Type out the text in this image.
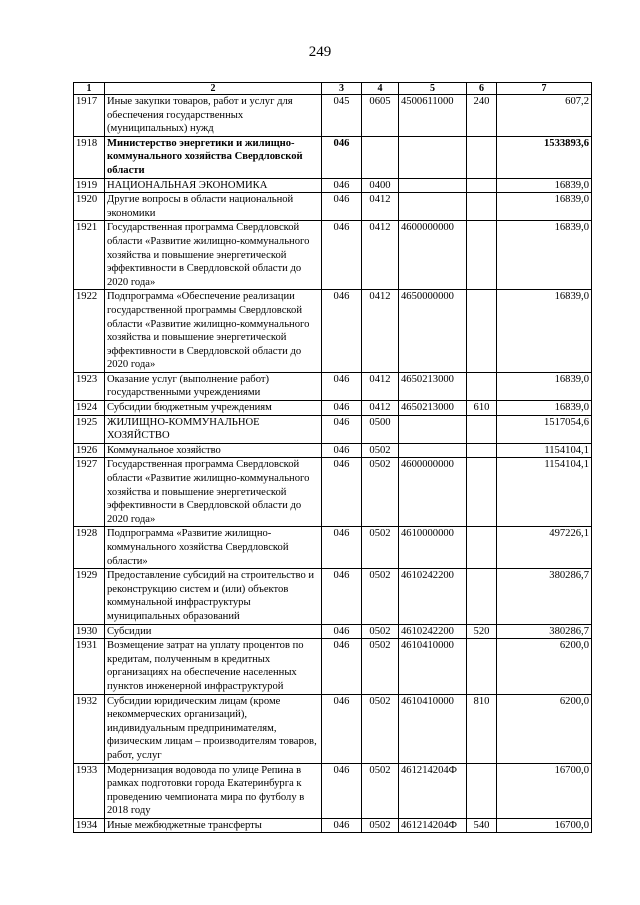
249
1	2	3	4	5	6	7
1917	Иные закупки товаров, работ и услуг для обеспечения государственных (муниципальных) нужд	045	0605	4500611000	240	607,2
1918	Министерство энергетики и жилищно-коммунального хозяйства Свердловской области	046				1533893,6
1919	НАЦИОНАЛЬНАЯ ЭКОНОМИКА	046	0400			16839,0
1920	Другие вопросы в области национальной экономики	046	0412			16839,0
1921	Государственная программа Свердловской области «Развитие жилищно-коммунального хозяйства и повышение энергетической эффективности в Свердловской области до 2020 года»	046	0412	4600000000		16839,0
1922	Подпрограмма «Обеспечение реализации государственной программы Свердловской области «Развитие жилищно-коммунального хозяйства и повышение энергетической эффективности в Свердловской области до 2020 года»	046	0412	4650000000		16839,0
1923	Оказание услуг (выполнение работ) государственными учреждениями	046	0412	4650213000		16839,0
1924	Субсидии бюджетным учреждениям	046	0412	4650213000	610	16839,0
1925	ЖИЛИЩНО-КОММУНАЛЬНОЕ ХОЗЯЙСТВО	046	0500			1517054,6
1926	Коммунальное хозяйство	046	0502			1154104,1
1927	Государственная программа Свердловской области «Развитие жилищно-коммунального хозяйства и повышение энергетической эффективности в Свердловской области до 2020 года»	046	0502	4600000000		1154104,1
1928	Подпрограмма «Развитие жилищно-коммунального хозяйства Свердловской области»	046	0502	4610000000		497226,1
1929	Предоставление субсидий на строительство и реконструкцию систем и (или) объектов коммунальной инфраструктуры муниципальных образований	046	0502	4610242200		380286,7
1930	Субсидии	046	0502	4610242200	520	380286,7
1931	Возмещение затрат на уплату процентов по кредитам, полученным в кредитных организациях на обеспечение населенных пунктов инженерной инфраструктурой	046	0502	4610410000		6200,0
1932	Субсидии юридическим лицам (кроме некоммерческих организаций), индивидуальным предпринимателям, физическим лицам – производителям товаров, работ, услуг	046	0502	4610410000	810	6200,0
1933	Модернизация водовода по улице Репина в рамках подготовки города Екатеринбурга к проведению чемпионата мира по футболу в 2018 году	046	0502	461214204Ф		16700,0
1934	Иные межбюджетные трансферты	046	0502	461214204Ф	540	16700,0
